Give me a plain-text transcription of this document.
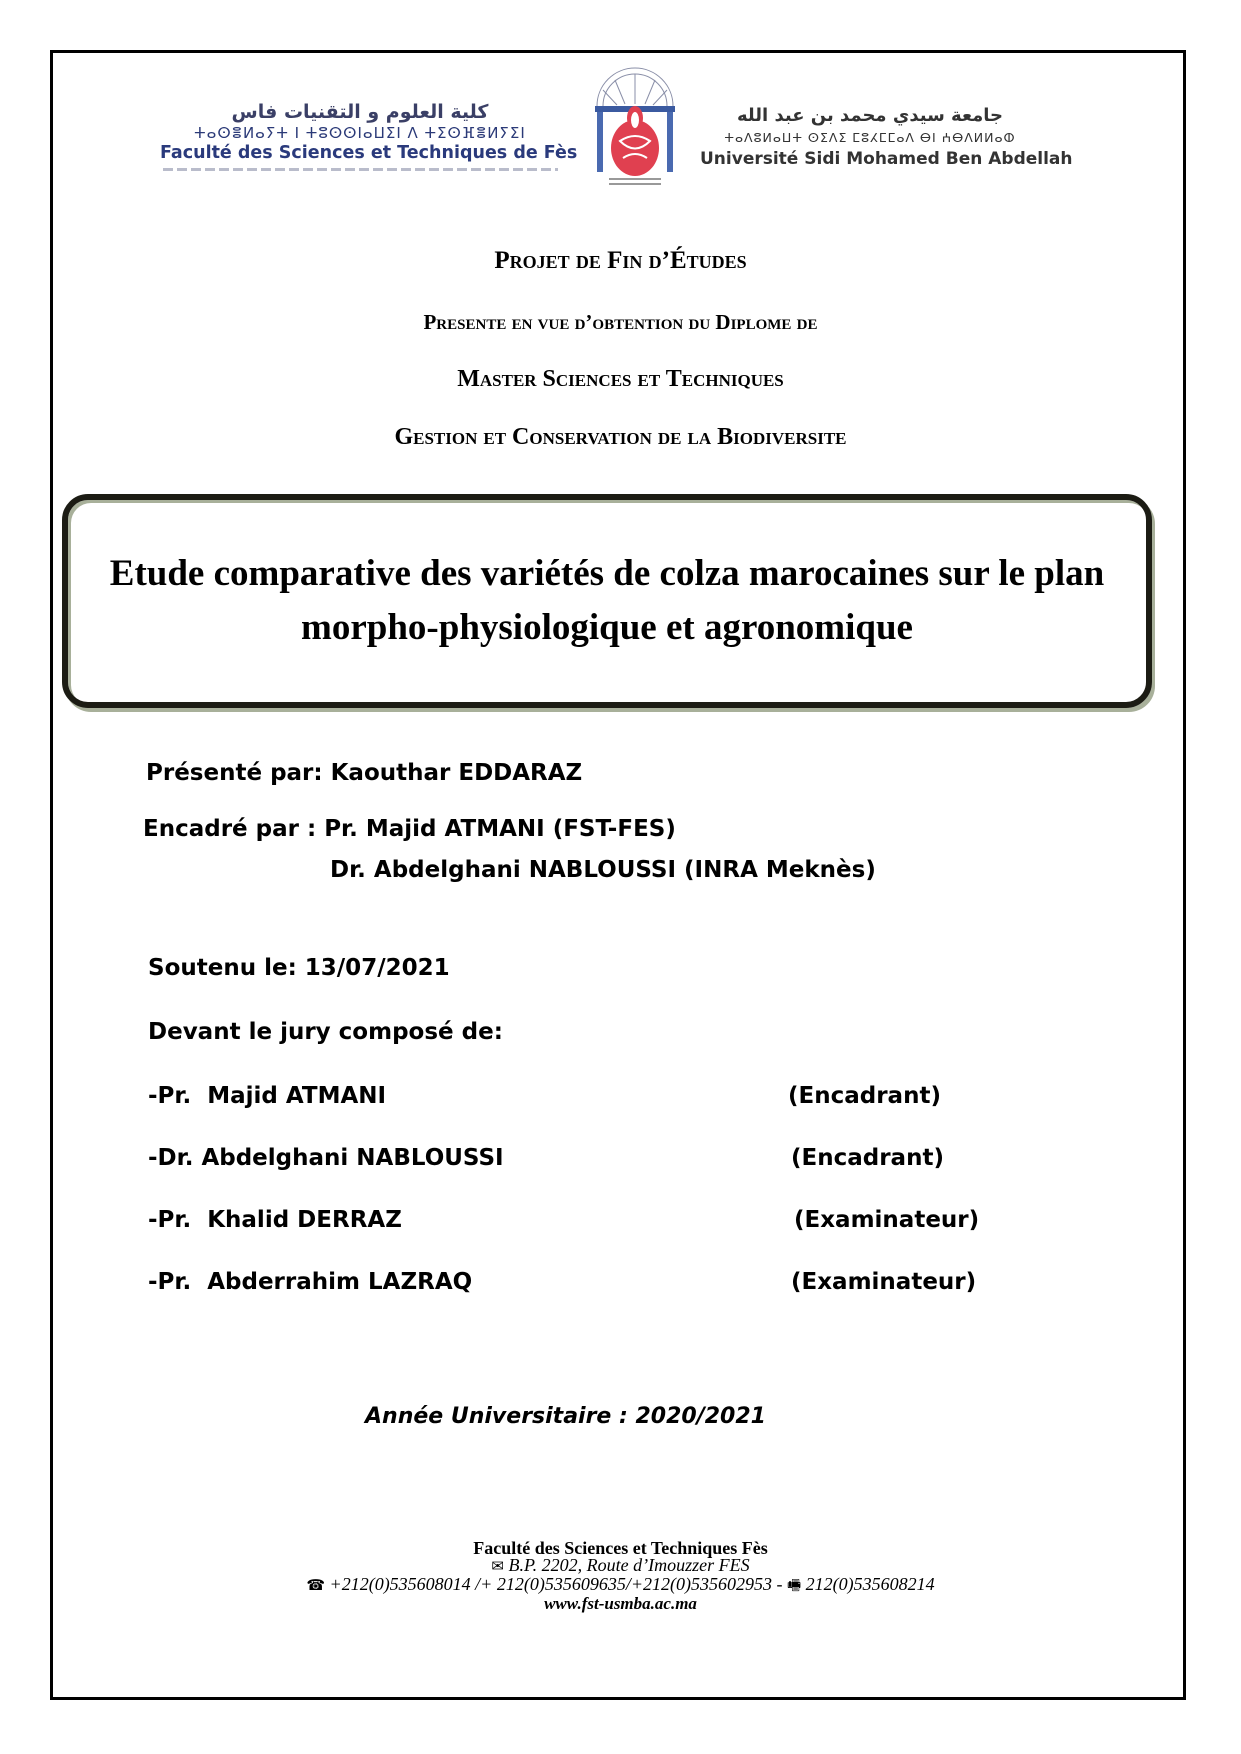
كلية العلوم و التقنيات فاس
ⵜⴰⵙⴻⵍⴰⵢⵜ ⵏ ⵜⵓⵙⵙⵏⴰⵡⵉⵏ ⴷ ⵜⵉⵙⴼⴻⵍⵢⵉⵏ
Faculté des Sciences et Techniques de Fès
جامعة سيدي محمد بن عبد الله
ⵜⴰⴷⵓⵍⴰⵡⵜ ⵙⵉⴷⵉ ⵎⵓⵃⵎⵎⴰⴷ ⴱⵏ ⵄⴱⴷⵍⵍⴰⵀ
Université Sidi Mohamed Ben Abdellah
Projet de Fin d’Études
Presente en vue d’obtention du Diplome de
Master Sciences et Techniques
Gestion et Conservation de la Biodiversite
Etude comparative des variétés de colza marocaines sur le plan morpho-physiologique et agronomique
Présenté par: Kaouthar EDDARAZ
Encadré par : Pr. Majid ATMANI (FST-FES)
Dr. Abdelghani NABLOUSSI (INRA Meknès)
Soutenu le: 13/07/2021
Devant le jury composé de:
-Pr.  Majid ATMANI	(Encadrant)
-Dr. Abdelghani NABLOUSSI	(Encadrant)
-Pr.  Khalid DERRAZ	(Examinateur)
-Pr.  Abderrahim LAZRAQ	(Examinateur)
Année Universitaire : 2020/2021
Faculté des Sciences et Techniques Fès
✉ B.P. 2202, Route d’Imouzzer FES
☎ +212(0)535608014 /+ 212(0)535609635/+212(0)535602953 - 🖷 212(0)535608214
www.fst-usmba.ac.ma
